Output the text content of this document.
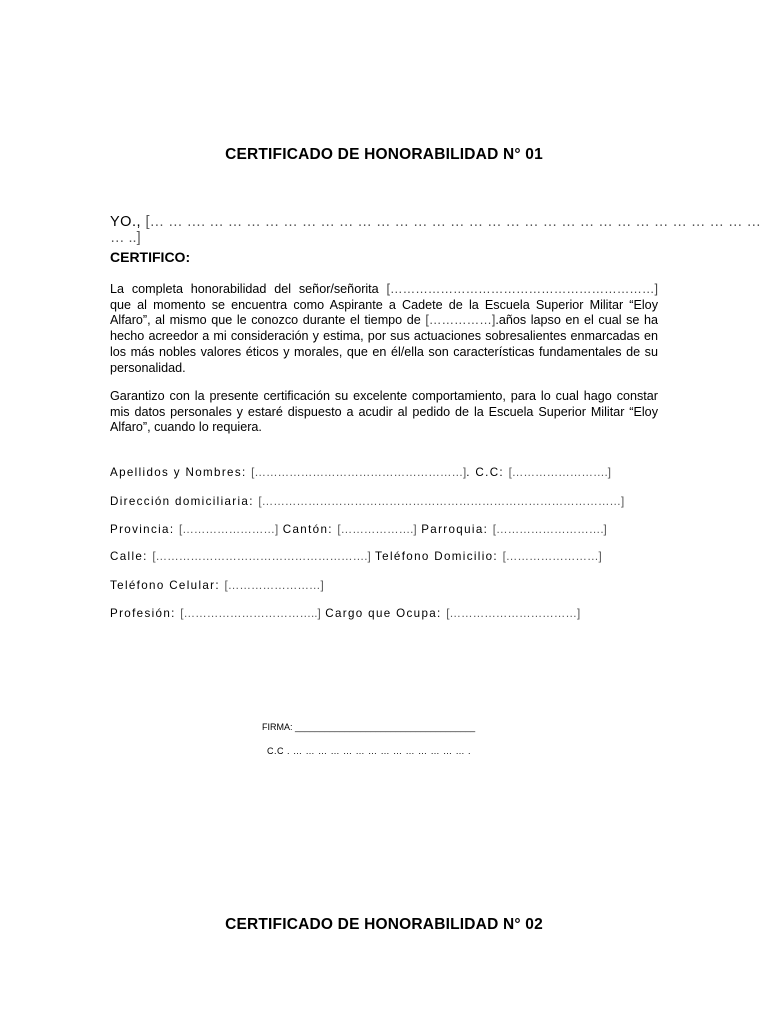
CERTIFICADO DE HONORABILIDAD N° 01
YO., [… … …. … … … … … … … … … … … … … … … … … … … … … … … … … … … … … … … ..]
CERTIFICO:
La completa honorabilidad del señor/señorita [………………………………………………………] que al momento se encuentra como Aspirante a Cadete de la Escuela Superior Militar “Eloy Alfaro”, al mismo que le conozco durante el tiempo de [……………].años lapso en el cual se ha hecho acreedor a mi consideración y estima, por sus actuaciones sobresalientes enmarcadas en los más nobles valores éticos y morales, que en él/ella son características fundamentales de su personalidad.
Garantizo con la presente certificación su excelente comportamiento, para lo cual hago constar mis datos personales y estaré dispuesto a acudir al pedido de la Escuela Superior Militar “Eloy Alfaro”, cuando lo requiera.
Apellidos y Nombres: [………………………………………………]. C.C: […………………….]
Dirección domiciliaria: […………………………………………………………………………………]
Provincia: [……………………] Cantón: [……………….] Parroquia: [……………………….]
Calle: [……………………………………………….] Teléfono Domicilio: [……………………]
Teléfono Celular: [……………………]
Profesión: [……………………………..] Cargo que Ocupa: [……………………………]
FIRMA: ____________________________________
C.C . … … … … … … … … … … … … … … .
CERTIFICADO DE HONORABILIDAD N° 02
